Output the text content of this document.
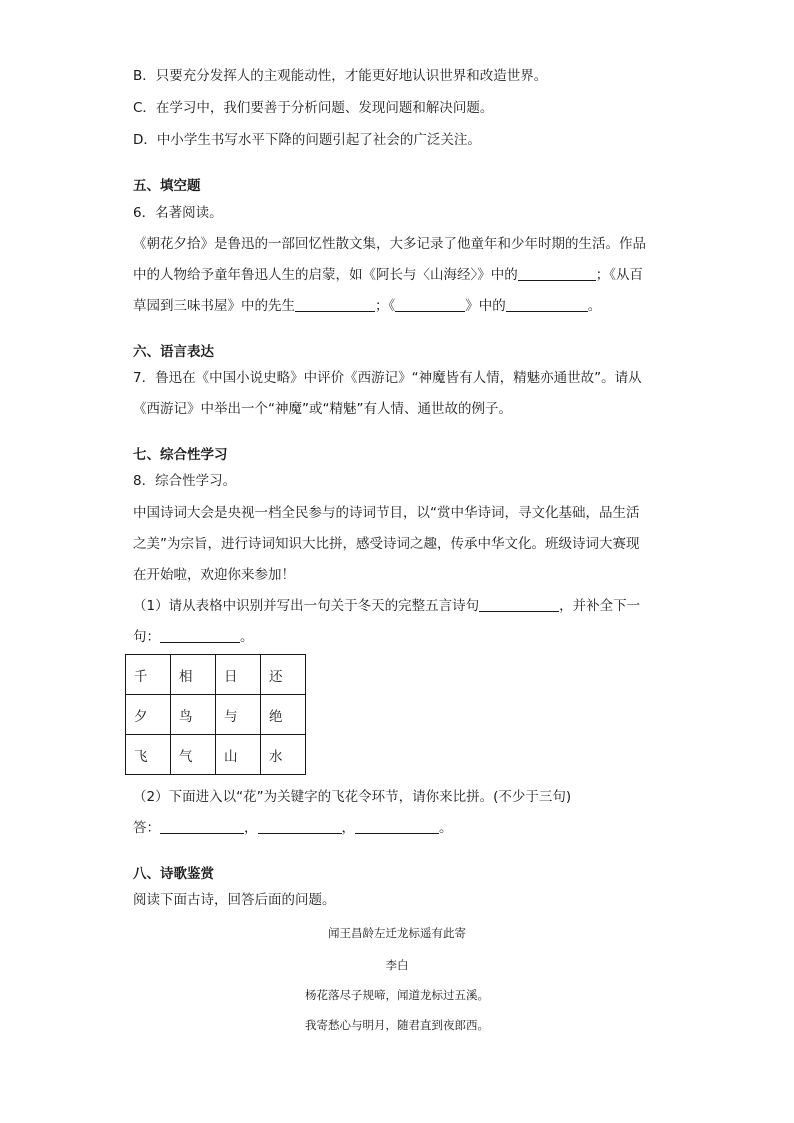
B．只要充分发挥人的主观能动性，才能更好地认识世界和改造世界。
C．在学习中，我们要善于分析问题、发现问题和解决问题。
D．中小学生书写水平下降的问题引起了社会的广泛关注。
五、填空题
6．名著阅读。
《朝花夕拾》是鲁迅的一部回忆性散文集，大多记录了他童年和少年时期的生活。作品
中的人物给予童年鲁迅人生的启蒙，如《阿长与〈山海经〉》中的	；《从百
草园到三味书屋》中的先生	；《	》中的	。
六、语言表达
7．鲁迅在《中国小说史略》中评价《西游记》“神魔皆有人情，精魅亦通世故”。请从
《西游记》中举出一个“神魔”或“精魅”有人情、通世故的例子。
七、综合性学习
8．综合性学习。
中国诗词大会是央视一档全民参与的诗词节目，以“赏中华诗词，寻文化基础，品生活
之美”为宗旨，进行诗词知识大比拼，感受诗词之趣，传承中华文化。班级诗词大赛现
在开始啦，欢迎你来参加！
（1）请从表格中识别并写出一句关于冬天的完整五言诗句	，并补全下一
句：	。
千	相	日	还
夕	鸟	与	绝
飞	气	山	水
（2）下面进入以“花”为关键字的飞花令环节，请你来比拼。(不少于三句)
答：	，	，	。
八、诗歌鉴赏
阅读下面古诗，回答后面的问题。
闻王昌龄左迁龙标遥有此寄
李白
杨花落尽子规啼，闻道龙标过五溪。
我寄愁心与明月，随君直到夜郎西。
